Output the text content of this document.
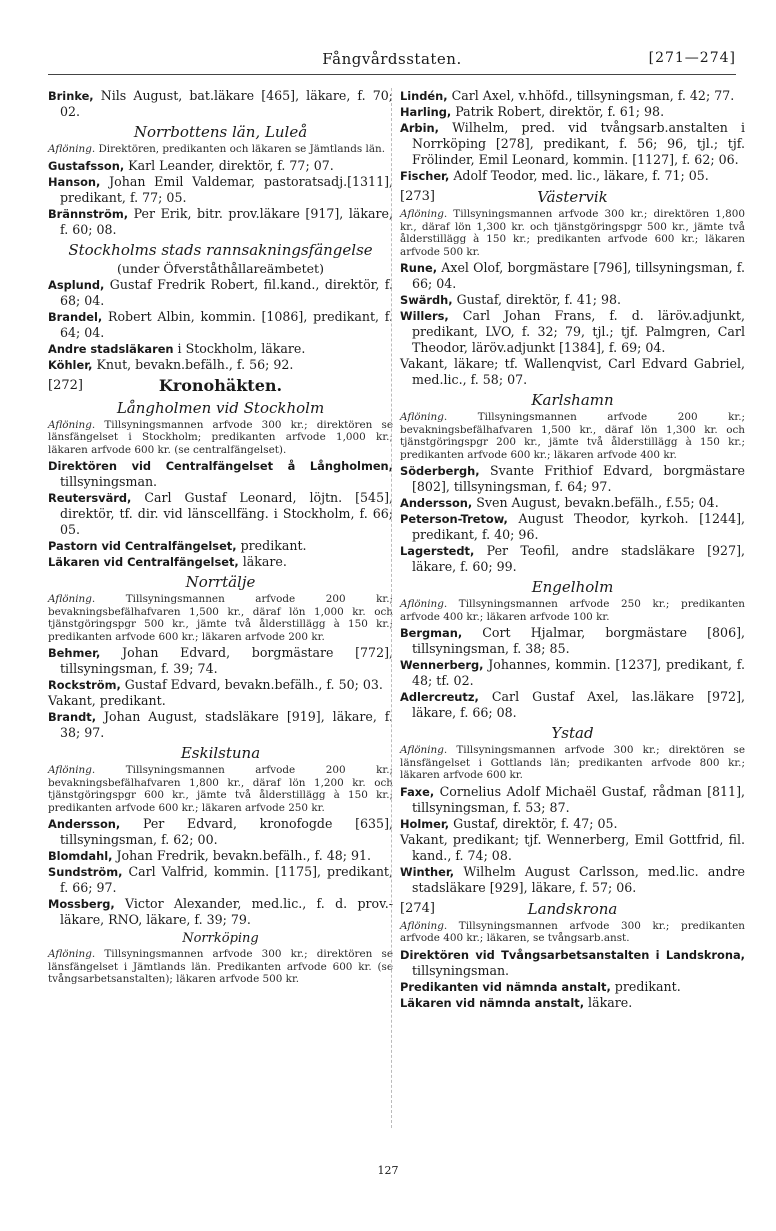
Fångvårdsstaten.	[271—274]
Brinke, Nils August, bat.läkare [465], läkare, f. 70; 02.
Norrbottens län, Luleå
Aflöning. Direktören, predikanten och läkaren se Jämtlands län.
Gustafsson, Karl Leander, direktör, f. 77; 07.
Hanson, Johan Emil Valdemar, pastoratsadj.[1311], predikant, f. 77; 05.
Brännström, Per Erik, bitr. prov.läkare [917], läkare, f. 60; 08.
Stockholms stads rannsakningsfängelse
(under Öfverståthållareämbetet)
Asplund, Gustaf Fredrik Robert, fil.kand., direktör, f. 68; 04.
Brandel, Robert Albin, kommin. [1086], predikant, f. 64; 04.
Andre stadsläkaren i Stockholm, läkare.
Köhler, Knut, bevakn.befälh., f. 56; 92.
[272]	Kronohäkten.
Långholmen vid Stockholm
Aflöning. Tillsyningsmannen arfvode 300 kr.; direktören se länsfängelset i Stockholm; predikanten arfvode 1,000 kr.; läkaren arfvode 600 kr. (se centralfängelset).
Direktören vid Centralfängelset å Långholmen, tillsyningsman.
Reutersvärd, Carl Gustaf Leonard, löjtn. [545], direktör, tf. dir. vid länscellfäng. i Stockholm, f. 66; 05.
Pastorn vid Centralfängelset, predikant.
Läkaren vid Centralfängelset, läkare.
Norrtälje
Aflöning. Tillsyningsmannen arfvode 200 kr.; bevakningsbefälhafvaren 1,500 kr., däraf lön 1,000 kr. och tjänstgöringspgr 500 kr., jämte två ålderstillägg à 150 kr.; predikanten arfvode 600 kr.; läkaren arfvode 200 kr.
Behmer, Johan Edvard, borgmästare [772], tillsyningsman, f. 39; 74.
Rockström, Gustaf Edvard, bevakn.befälh., f. 50; 03.
Vakant, predikant.
Brandt, Johan August, stadsläkare [919], läkare, f. 38; 97.
Eskilstuna
Aflöning. Tillsyningsmannen arfvode 200 kr.; bevakningsbefälhafvaren 1,800 kr., däraf lön 1,200 kr. och tjänstgöringspgr 600 kr., jämte två ålderstillägg à 150 kr.; predikanten arfvode 600 kr.; läkaren arfvode 250 kr.
Andersson, Per Edvard, kronofogde [635], tillsyningsman, f. 62; 00.
Blomdahl, Johan Fredrik, bevakn.befälh., f. 48; 91.
Sundström, Carl Valfrid, kommin. [1175], predikant, f. 66; 97.
Mossberg, Victor Alexander, med.lic., f. d. prov.-läkare, RNO, läkare, f. 39; 79.
Norrköping
Aflöning. Tillsyningsmannen arfvode 300 kr.; direktören se länsfängelset i Jämtlands län. Predikanten arfvode 600 kr. (se tvångsarbetsanstalten); läkaren arfvode 500 kr.
Lindén, Carl Axel, v.hhöfd., tillsyningsman, f. 42; 77.
Harling, Patrik Robert, direktör, f. 61; 98.
Arbin, Wilhelm, pred. vid tvångsarb.anstalten i Norrköping [278], predikant, f. 56; 96, tjl.; tjf. Frölinder, Emil Leonard, kommin. [1127], f. 62; 06.
Fischer, Adolf Teodor, med. lic., läkare, f. 71; 05.
[273]	Västervik
Aflöning. Tillsyningsmannen arfvode 300 kr.; direktören 1,800 kr., däraf lön 1,300 kr. och tjänstgöringspgr 500 kr., jämte två ålderstillägg à 150 kr.; predikanten arfvode 600 kr.; läkaren arfvode 500 kr.
Rune, Axel Olof, borgmästare [796], tillsyningsman, f. 66; 04.
Swärdh, Gustaf, direktör, f. 41; 98.
Willers, Carl Johan Frans, f. d. läröv.adjunkt, predikant, LVO, f. 32; 79, tjl.; tjf. Palmgren, Carl Theodor, läröv.adjunkt [1384], f. 69; 04.
Vakant, läkare; tf. Wallenqvist, Carl Edvard Gabriel, med.lic., f. 58; 07.
Karlshamn
Aflöning. Tillsyningsmannen arfvode 200 kr.; bevakningsbefälhafvaren 1,500 kr., däraf lön 1,300 kr. och tjänstgöringspgr 200 kr., jämte två ålderstillägg à 150 kr.; predikanten arfvode 600 kr.; läkaren arfvode 400 kr.
Söderbergh, Svante Frithiof Edvard, borgmästare [802], tillsyningsman, f. 64; 97.
Andersson, Sven August, bevakn.befälh., f.55; 04.
Peterson-Tretow, August Theodor, kyrkoh. [1244], predikant, f. 40; 96.
Lagerstedt, Per Teofil, andre stadsläkare [927], läkare, f. 60; 99.
Engelholm
Aflöning. Tillsyningsmannen arfvode 250 kr.; predikanten arfvode 400 kr.; läkaren arfvode 100 kr.
Bergman, Cort Hjalmar, borgmästare [806], tillsyningsman, f. 38; 85.
Wennerberg, Johannes, kommin. [1237], predikant, f. 48; tf. 02.
Adlercreutz, Carl Gustaf Axel, las.läkare [972], läkare, f. 66; 08.
Ystad
Aflöning. Tillsyningsmannen arfvode 300 kr.; direktören se länsfängelset i Gottlands län; predikanten arfvode 800 kr.; läkaren arfvode 600 kr.
Faxe, Cornelius Adolf Michaël Gustaf, rådman [811], tillsyningsman, f. 53; 87.
Holmer, Gustaf, direktör, f. 47; 05.
Vakant, predikant; tjf. Wennerberg, Emil Gottfrid, fil. kand., f. 74; 08.
Winther, Wilhelm August Carlsson, med.lic. andre stadsläkare [929], läkare, f. 57; 06.
[274]	Landskrona
Aflöning. Tillsyningsmannen arfvode 300 kr.; predikanten arfvode 400 kr.; läkaren, se tvångsarb.anst.
Direktören vid Tvångsarbetsanstalten i Landskrona, tillsyningsman.
Predikanten vid nämnda anstalt, predikant.
Läkaren vid nämnda anstalt, läkare.
127
